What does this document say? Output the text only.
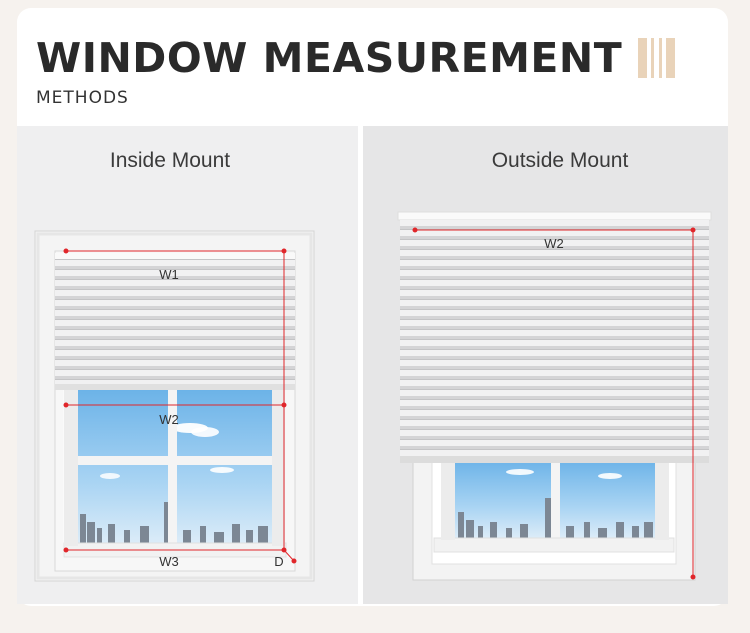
WINDOW MEASUREMENT
METHODS
Inside Mount	Outside Mount
W1
W2
W3	D
W2
